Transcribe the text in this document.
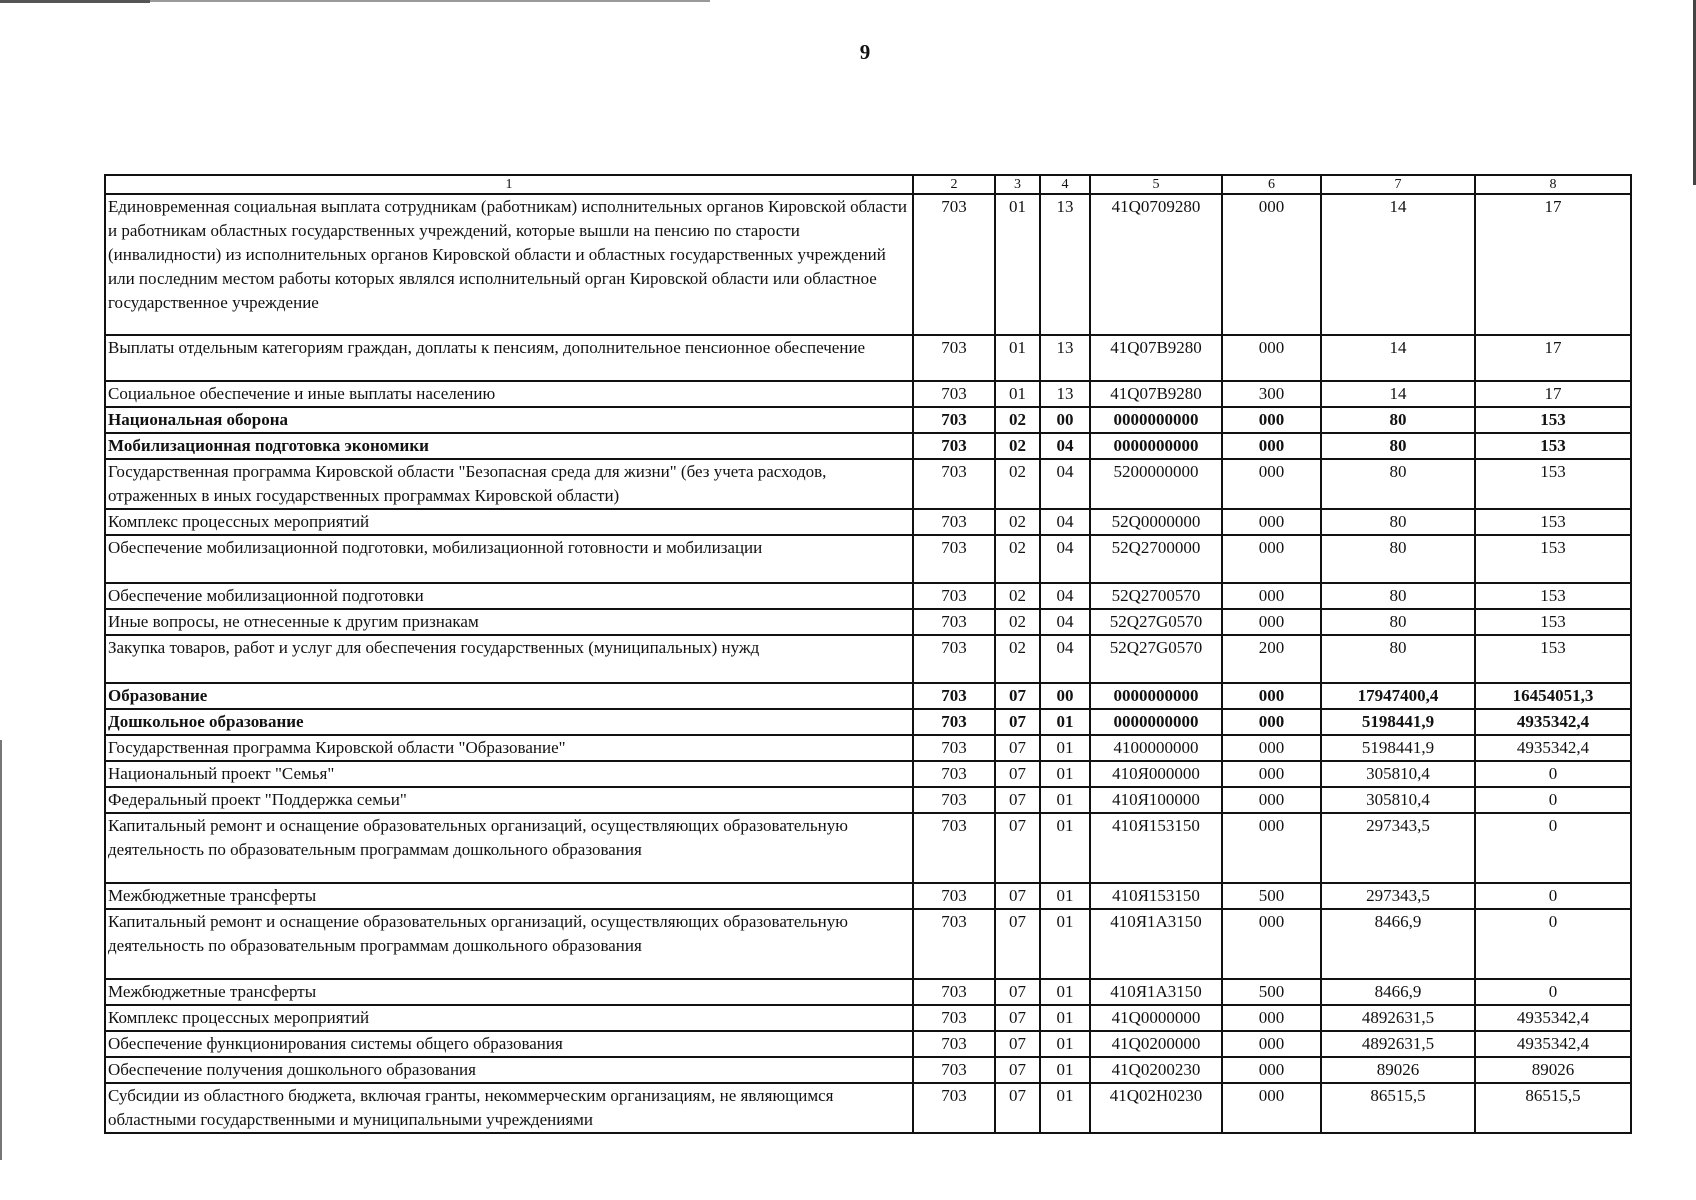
9
1	2	3	4	5	6	7	8
Единовременная социальная выплата сотрудникам (работникам) исполнительных органов Кировской области и работникам областных государственных учреждений, которые вышли на пенсию по старости (инвалидности) из исполнительных органов Кировской области и областных государственных учреждений или последним местом работы которых являлся исполнительный орган Кировской области или областное государственное учреждение	703	01	13	41Q0709280	000	14	17
Выплаты отдельным категориям граждан, доплаты к пенсиям, дополнительное пенсионное обеспечение	703	01	13	41Q07B9280	000	14	17
Социальное обеспечение и иные выплаты населению	703	01	13	41Q07B9280	300	14	17
Национальная оборона	703	02	00	0000000000	000	80	153
Мобилизационная подготовка экономики	703	02	04	0000000000	000	80	153
Государственная программа Кировской области "Безопасная среда для жизни" (без учета расходов, отраженных в иных государственных программах Кировской области)	703	02	04	5200000000	000	80	153
Комплекс процессных мероприятий	703	02	04	52Q0000000	000	80	153
Обеспечение мобилизационной подготовки, мобилизационной готовности и мобилизации	703	02	04	52Q2700000	000	80	153
Обеспечение мобилизационной подготовки	703	02	04	52Q2700570	000	80	153
Иные вопросы, не отнесенные к другим признакам	703	02	04	52Q27G0570	000	80	153
Закупка товаров, работ и услуг для обеспечения государственных (муниципальных) нужд	703	02	04	52Q27G0570	200	80	153
Образование	703	07	00	0000000000	000	17947400,4	16454051,3
Дошкольное образование	703	07	01	0000000000	000	5198441,9	4935342,4
Государственная программа Кировской области "Образование"	703	07	01	4100000000	000	5198441,9	4935342,4
Национальный проект "Семья"	703	07	01	410Я000000	000	305810,4	0
Федеральный проект "Поддержка семьи"	703	07	01	410Я100000	000	305810,4	0
Капитальный ремонт и оснащение образовательных организаций, осуществляющих образовательную деятельность по образовательным программам дошкольного образования	703	07	01	410Я153150	000	297343,5	0
Межбюджетные трансферты	703	07	01	410Я153150	500	297343,5	0
Капитальный ремонт и оснащение образовательных организаций, осуществляющих образовательную деятельность по образовательным программам дошкольного образования	703	07	01	410Я1А3150	000	8466,9	0
Межбюджетные трансферты	703	07	01	410Я1А3150	500	8466,9	0
Комплекс процессных мероприятий	703	07	01	41Q0000000	000	4892631,5	4935342,4
Обеспечение функционирования системы общего образования	703	07	01	41Q0200000	000	4892631,5	4935342,4
Обеспечение получения дошкольного образования	703	07	01	41Q0200230	000	89026	89026
Субсидии из областного бюджета, включая гранты, некоммерческим организациям, не являющимся областными государственными и муниципальными учреждениями	703	07	01	41Q02H0230	000	86515,5	86515,5
